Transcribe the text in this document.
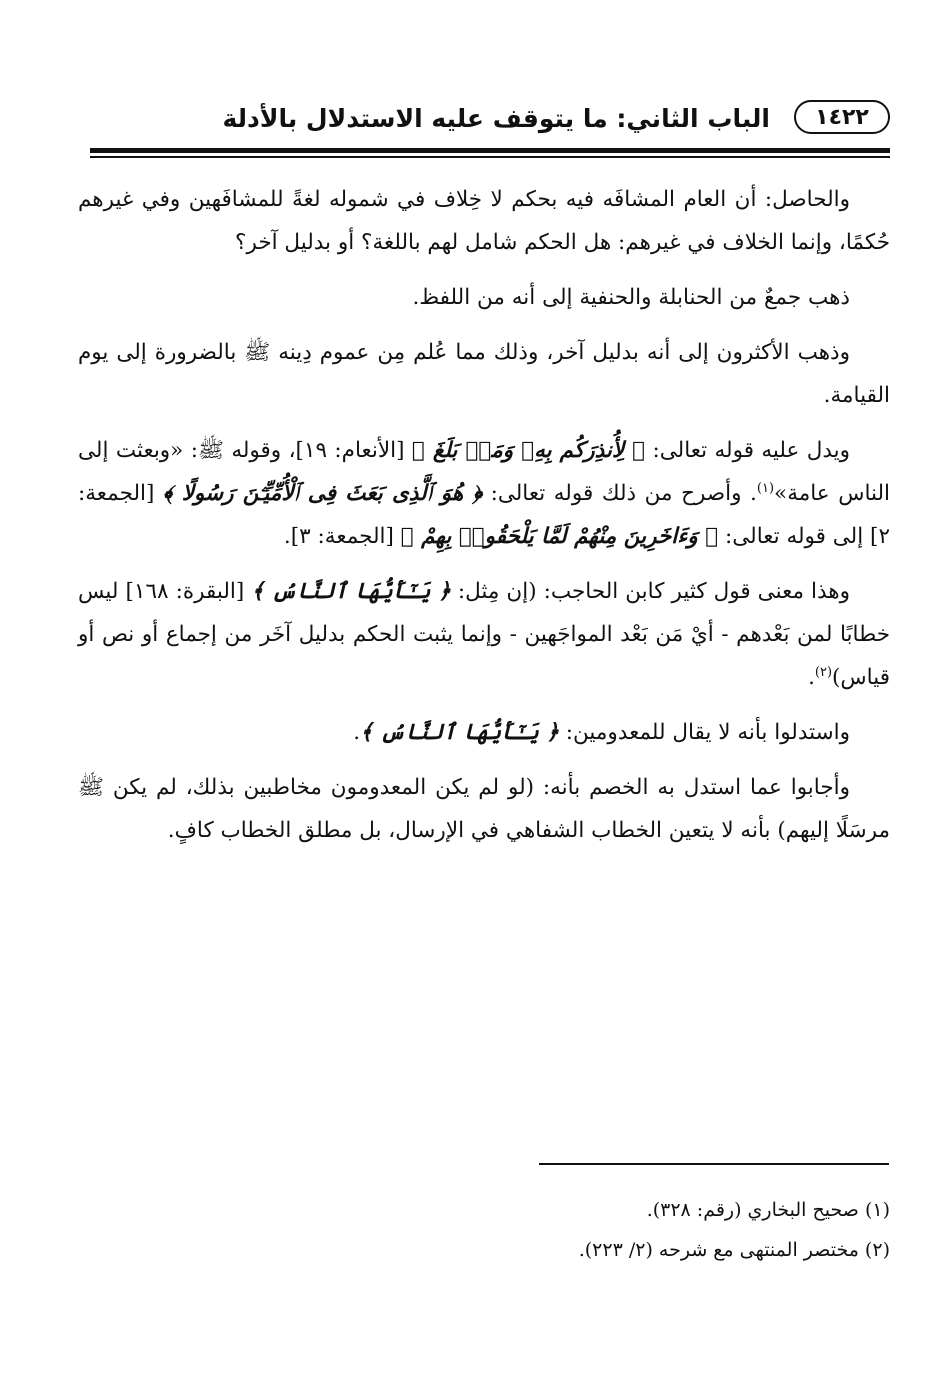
١٤٢٢
الباب الثاني: ما يتوقف عليه الاستدلال بالأدلة

والحاصل: أن العام المشافَه فيه بحكم لا خِلاف في شموله لغةً للمشافَهين وفي غيرهم حُكمًا، وإنما الخلاف في غيرهم: هل الحكم شامل لهم باللغة؟ أو بدليل آخر؟

ذهب جمعٌ من الحنابلة والحنفية إلى أنه من اللفظ.

وذهب الأكثرون إلى أنه بدليل آخر، وذلك مما عُلم مِن عموم دِينه ﷺ بالضرورة إلى يوم القيامة.

ويدل عليه قوله تعالى: ﴿ لِأُنذِرَكُم بِهِۦ وَمَنۢ بَلَغَ ﴾ [الأنعام: ١٩]، وقوله ﷺ: «وبعثت إلى الناس عامة»$^{(١)}$. وأصرح من ذلك قوله تعالى: ﴿ هُوَ ٱلَّذِى بَعَثَ فِى ٱلْأُمِّيِّـۧنَ رَسُولًا ﴾ [الجمعة: ٢] إلى قوله تعالى: ﴿ وَءَاخَرِينَ مِنْهُمْ لَمَّا يَلْحَقُوا۟ بِهِمْ ﴾ [الجمعة: ٣].

وهذا معنى قول كثير كابن الحاجب: (إن مِثل: ﴿ يَـٰٓأَيُّهَا ٱلنَّاسُ ﴾ [البقرة: ١٦٨] ليس خطابًا لمن بَعْدهم - أيْ مَن بَعْد المواجَهين - وإنما يثبت الحكم بدليل آخَر من إجماع أو نص أو قياس)$^{(٢)}$.

واستدلوا بأنه لا يقال للمعدومين: ﴿ يَـٰٓأَيُّهَا ٱلنَّاسُ ﴾.

وأجابوا عما استدل به الخصم بأنه: (لو لم يكن المعدومون مخاطبين بذلك، لم يكن ﷺ مرسَلًا إليهم) بأنه لا يتعين الخطاب الشفاهي في الإرسال، بل مطلق الخطاب كافٍ.

(١) صحيح البخاري (رقم: ٣٢٨).
(٢) مختصر المنتهى مع شرحه (٢/ ٢٢٣).
